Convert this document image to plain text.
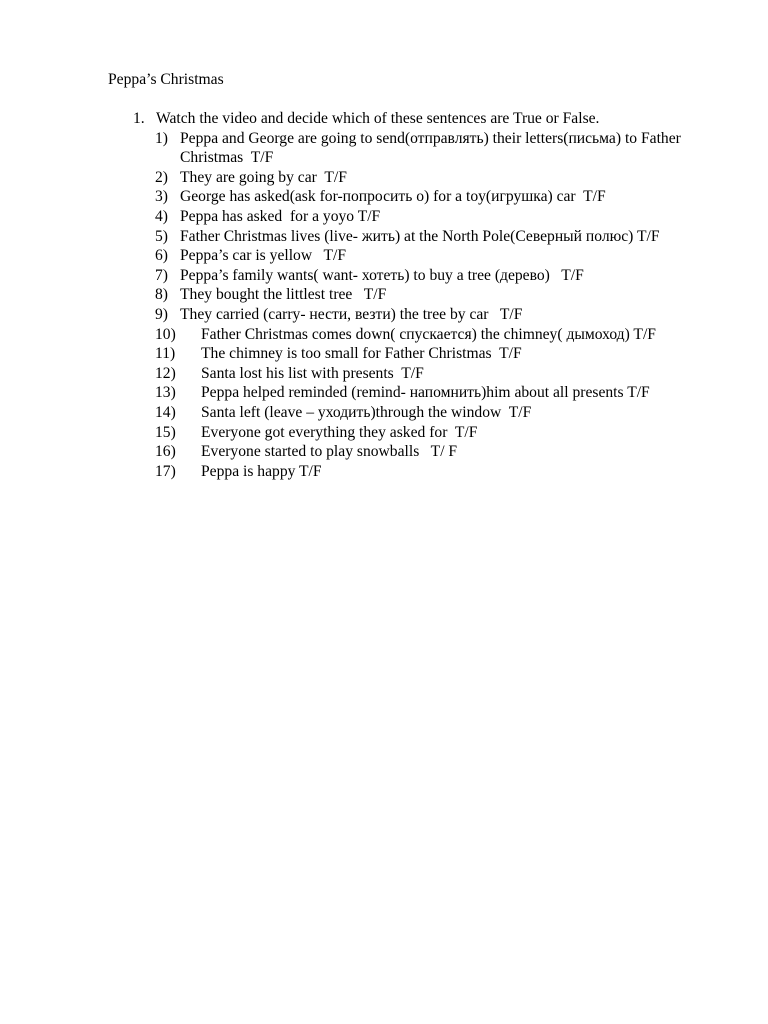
Peppa’s Christmas
1. Watch the video and decide which of these sentences are True or False.
1) Peppa and George are going to send(отправлять) their letters(письма) to Father Christmas  T/F
2) They are going by car  T/F
3) George has asked(ask for-попросить о) for a toy(игрушка) car  T/F
4) Peppa has asked  for a yoyo T/F
5) Father Christmas lives (live- жить) at the North Pole(Северный полюс) T/F
6) Peppa’s car is yellow   T/F
7) Peppa’s family wants( want- хотеть) to buy a tree (дерево)   T/F
8) They bought the littlest tree   T/F
9) They carried (carry- нести, везти) the tree by car   T/F
10)	Father Christmas comes down( спускается) the chimney( дымоход) T/F
11)	The chimney is too small for Father Christmas  T/F
12)	Santa lost his list with presents  T/F
13)	Peppa helped reminded (remind- напомнить)him about all presents T/F
14)	Santa left (leave – уходить)through the window  T/F
15)	Everyone got everything they asked for  T/F
16)	Everyone started to play snowballs   T/ F
17)	Peppa is happy T/F
